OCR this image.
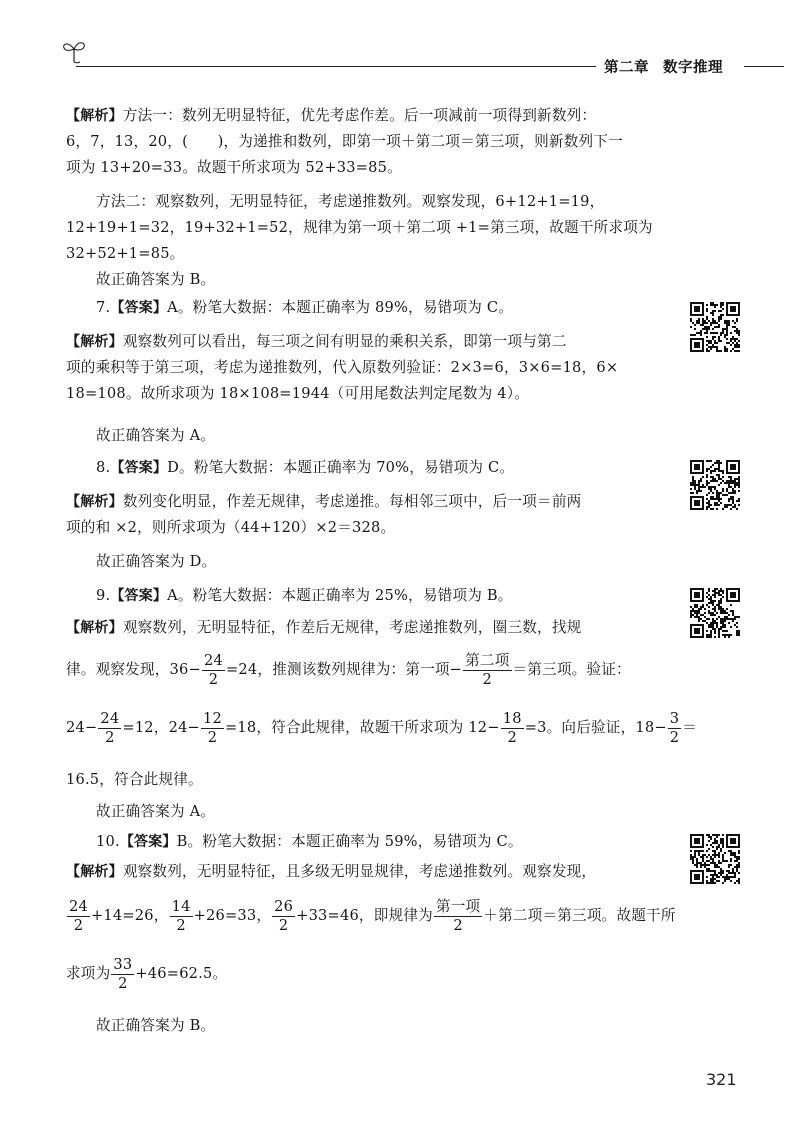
第二章 数字推理
【解析】方法一：数列无明显特征，优先考虑作差。后一项减前一项得到新数列：
6，7，13，20，(　　)，为递推和数列，即第一项＋第二项＝第三项，则新数列下一
项为 13+20=33。故题干所求项为 52+33=85。
方法二：观察数列，无明显特征，考虑递推数列。观察发现，6+12+1=19，
12+19+1=32，19+32+1=52，规律为第一项＋第二项 +1=第三项，故题干所求项为
32+52+1=85。
故正确答案为 B。
7.【答案】A。粉笔大数据：本题正确率为 89%，易错项为 C。
【解析】观察数列可以看出，每三项之间有明显的乘积关系，即第一项与第二
项的乘积等于第三项，考虑为递推数列，代入原数列验证：2×3=6，3×6=18，6×
18=108。故所求项为 18×108=1944（可用尾数法判定尾数为 4）。
故正确答案为 A。
8.【答案】D。粉笔大数据：本题正确率为 70%，易错项为 C。
【解析】数列变化明显，作差无规律，考虑递推。每相邻三项中，后一项＝前两
项的和 ×2，则所求项为（44+120）×2＝328。
故正确答案为 D。
9.【答案】A。粉笔大数据：本题正确率为 25%，易错项为 B。
【解析】观察数列，无明显特征，作差后无规律，考虑递推数列，圈三数，找规
律。观察发现，$36- \frac{24}{2} =24$，推测该数列规律为：第一项−
第二项
2
＝第三项。验证：
$24- \frac{24}{2} =12$，$24- \frac{12}{2} =18$，符合此规律，故题干所求项为 $12- \frac{18}{2} =3$。向后验证，$18- \frac{3}{2}$ ＝
16.5，符合此规律。
故正确答案为 A。
10.【答案】B。粉笔大数据：本题正确率为 59%，易错项为 C。
【解析】观察数列，无明显特征，且多级无明显规律，考虑递推数列。观察发现，
$\frac{24}{2} +14=26$， $\frac{14}{2} +26=33$， $\frac{26}{2} +33=46$，即规律为
第一项
2
＋第二项＝第三项。故题干所
求项为 $\frac{33}{2} +46=62.5$。
故正确答案为 B。
321
